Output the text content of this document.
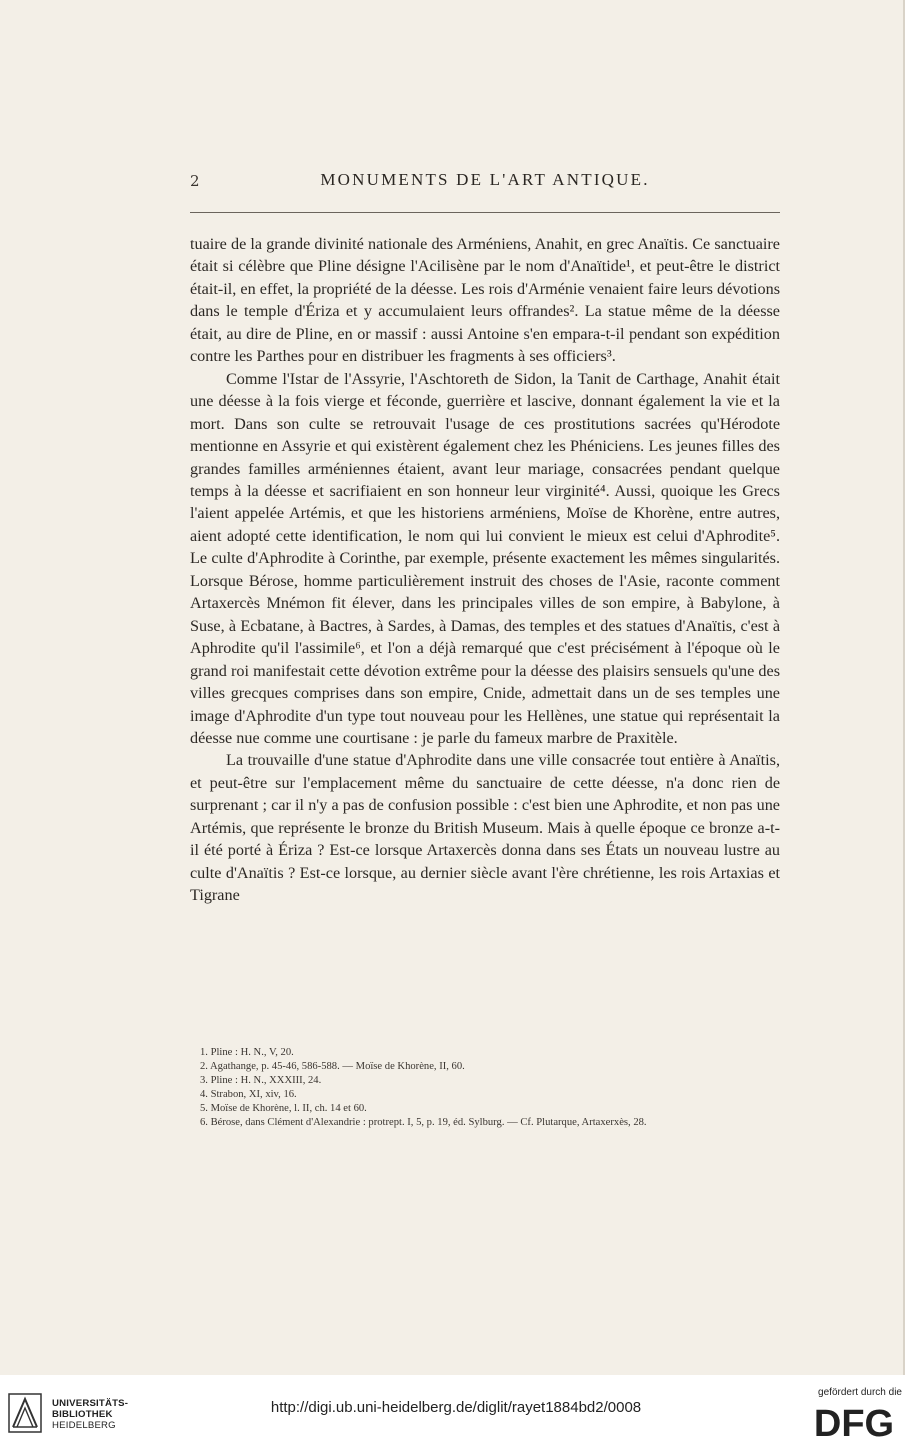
2	MONUMENTS DE L'ART ANTIQUE.

tuaire de la grande divinité nationale des Arméniens, Anahit, en grec Anaïtis. Ce sanctuaire était si célèbre que Pline désigne l'Acilisène par le nom d'Anaïtide¹, et peut-être le district était-il, en effet, la propriété de la déesse. Les rois d'Arménie venaient faire leurs dévotions dans le temple d'Ériza et y accumulaient leurs offrandes². La statue même de la déesse était, au dire de Pline, en or massif : aussi Antoine s'en empara-t-il pendant son expédition contre les Parthes pour en distribuer les fragments à ses officiers³.

Comme l'Istar de l'Assyrie, l'Aschtoreth de Sidon, la Tanit de Carthage, Anahit était une déesse à la fois vierge et féconde, guerrière et lascive, donnant également la vie et la mort. Dans son culte se retrouvait l'usage de ces prostitutions sacrées qu'Hérodote mentionne en Assyrie et qui existèrent également chez les Phéniciens. Les jeunes filles des grandes familles arméniennes étaient, avant leur mariage, consacrées pendant quelque temps à la déesse et sacrifiaient en son honneur leur virginité⁴. Aussi, quoique les Grecs l'aient appelée Artémis, et que les historiens arméniens, Moïse de Khorène, entre autres, aient adopté cette identification, le nom qui lui convient le mieux est celui d'Aphrodite⁵. Le culte d'Aphrodite à Corinthe, par exemple, présente exactement les mêmes singularités. Lorsque Bérose, homme particulièrement instruit des choses de l'Asie, raconte comment Artaxercès Mnémon fit élever, dans les principales villes de son empire, à Babylone, à Suse, à Ecbatane, à Bactres, à Sardes, à Damas, des temples et des statues d'Anaïtis, c'est à Aphrodite qu'il l'assimile⁶, et l'on a déjà remarqué que c'est précisément à l'époque où le grand roi manifestait cette dévotion extrême pour la déesse des plaisirs sensuels qu'une des villes grecques comprises dans son empire, Cnide, admettait dans un de ses temples une image d'Aphrodite d'un type tout nouveau pour les Hellènes, une statue qui représentait la déesse nue comme une courtisane : je parle du fameux marbre de Praxitèle.

La trouvaille d'une statue d'Aphrodite dans une ville consacrée tout entière à Anaïtis, et peut-être sur l'emplacement même du sanctuaire de cette déesse, n'a donc rien de surprenant ; car il n'y a pas de confusion possible : c'est bien une Aphrodite, et non pas une Artémis, que représente le bronze du British Museum. Mais à quelle époque ce bronze a-t-il été porté à Ériza ? Est-ce lorsque Artaxercès donna dans ses États un nouveau lustre au culte d'Anaïtis ? Est-ce lorsque, au dernier siècle avant l'ère chrétienne, les rois Artaxias et Tigrane

1. Pline : H. N., V, 20.

2. Agathange, p. 45-46, 586-588. — Moïse de Khorène, II, 60.

3. Pline : H. N., XXXIII, 24.

4. Strabon, XI, xiv, 16.

5. Moïse de Khorène, l. II, ch. 14 et 60.

6. Bérose, dans Clément d'Alexandrie : protrept. I, 5, p. 19, éd. Sylburg. — Cf. Plutarque, Artaxerxès, 28.

UNIVERSITÄTS-
BIBLIOTHEK
HEIDELBERG
http://digi.ub.uni-heidelberg.de/diglit/rayet1884bd2/0008
gefördert durch die
DFG
